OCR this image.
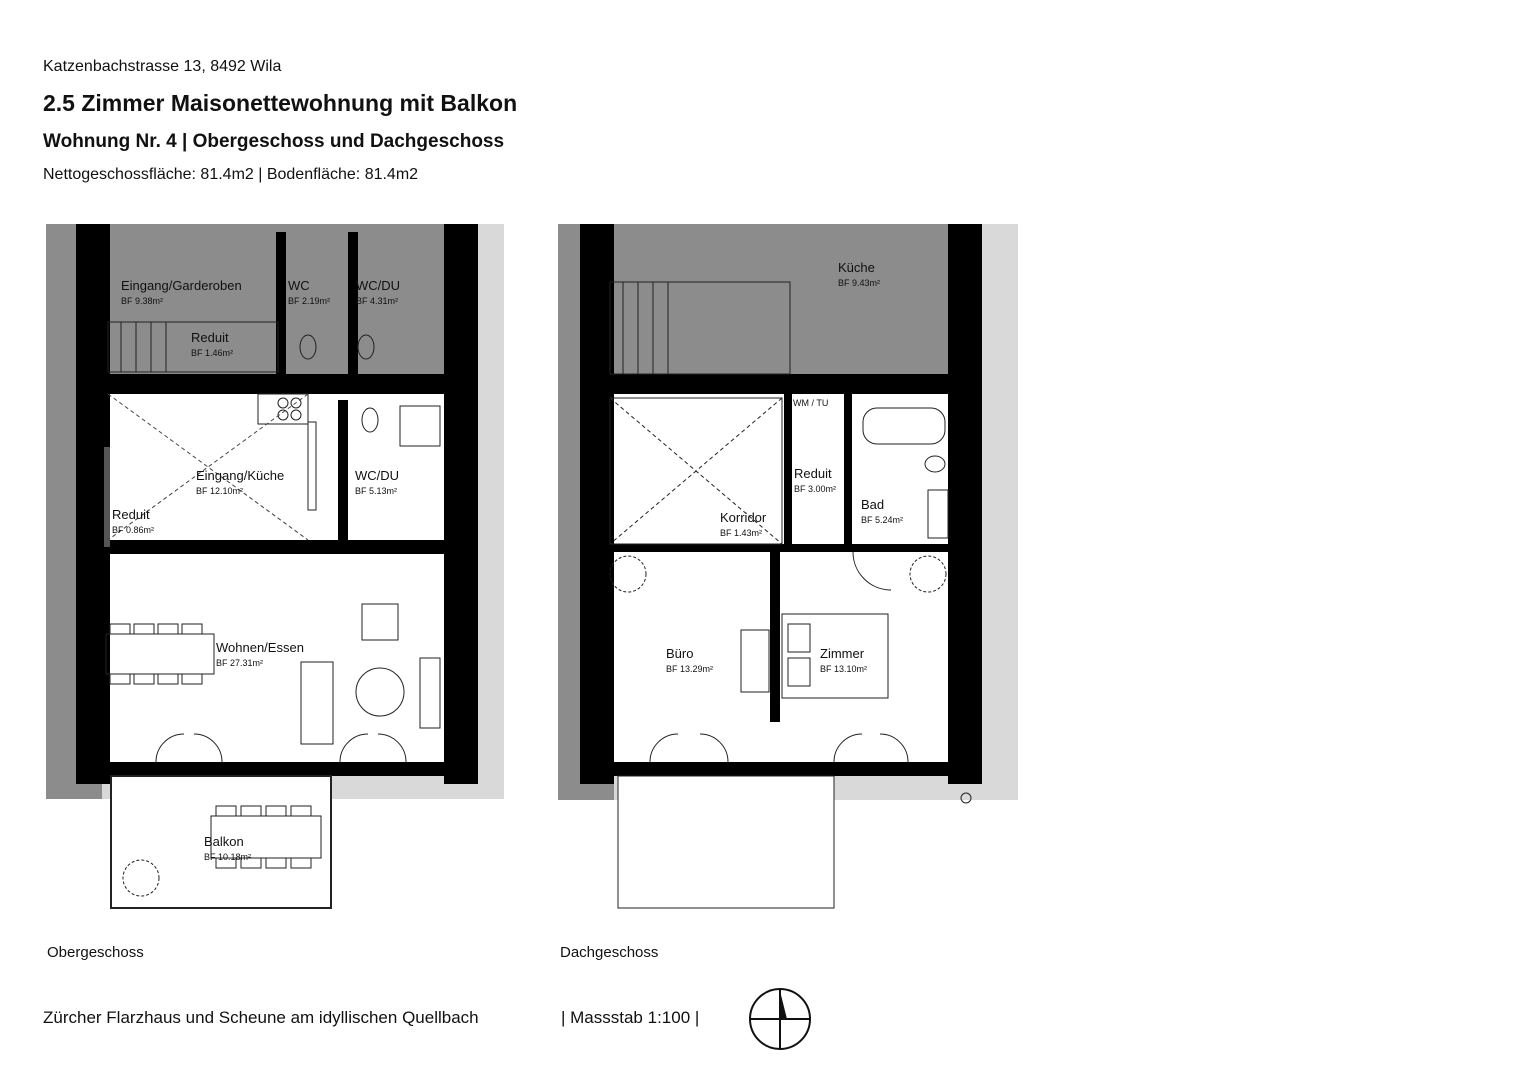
Katzenbachstrasse 13, 8492 Wila
2.5 Zimmer Maisonettewohnung mit Balkon
Wohnung Nr. 4 | Obergeschoss und Dachgeschoss
Nettogeschossfläche: 81.4m2 | Bodenfläche: 81.4m2
Eingang/Garderoben
BF 9.38m²
WC
BF 2.19m²
WC/DU
BF 4.31m²
Reduit
BF 1.46m²
Eingang/Küche
BF 12.10m²
Reduit
BF 0.86m²
WC/DU
BF 5.13m²
Wohnen/Essen
BF 27.31m²
Balkon
BF 10.18m²
Küche
BF 9.43m²
WM / TU
Reduit
BF 3.00m²
Bad
BF 5.24m²
Korridor
BF 1.43m²
Büro
BF 13.29m²
Zimmer
BF 13.10m²
Obergeschoss	Dachgeschoss
Zürcher Flarzhaus und Scheune am idyllischen Quellbach	| Massstab 1:100 |
